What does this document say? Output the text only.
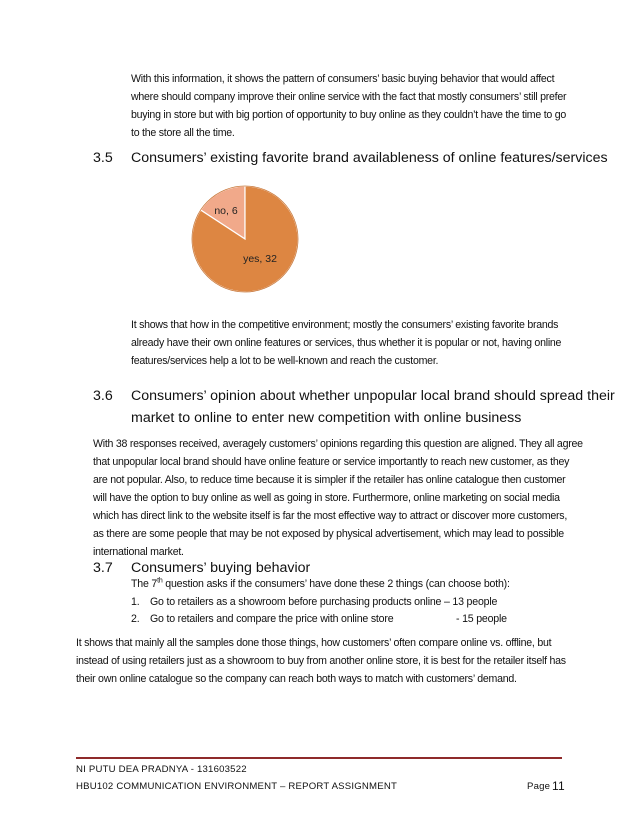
With this information, it shows the pattern of consumers’ basic buying behavior that would affect
where should company improve their online service with the fact that mostly consumers’ still prefer
buying in store but with big portion of opportunity to buy online as they couldn’t have the time to go
to the store all the time.
3.5 Consumers’ existing favorite brand availableness of online features/services
yes, 32
no, 6
It shows that how in the competitive environment; mostly the consumers’ existing favorite brands
already have their own online features or services, thus whether it is popular or not, having online
features/services help a lot to be well-known and reach the customer.
3.6 Consumers’ opinion about whether unpopular local brand should spread their
market to online to enter new competition with online business
With 38 responses received, averagely customers’ opinions regarding this question are aligned. They all agree
that unpopular local brand should have online feature or service importantly to reach new customer, as they
are not popular. Also, to reduce time because it is simpler if the retailer has online catalogue then customer
will have the option to buy online as well as going in store. Furthermore, online marketing on social media
which has direct link to the website itself is far the most effective way to attract or discover more customers,
as there are some people that may be not exposed by physical advertisement, which may lead to possible
international market.
3.7 Consumers’ buying behavior
The 7th question asks if the consumers’ have done these 2 things (can choose both):
1. Go to retailers as a showroom before purchasing products online – 13 people
2. Go to retailers and compare the price with online store	- 15 people
It shows that mainly all the samples done those things, how customers’ often compare online vs. offline, but
instead of using retailers just as a showroom to buy from another online store, it is best for the retailer itself has
their own online catalogue so the company can reach both ways to match with customers’ demand.
NI PUTU DEA PRADNYA - 131603522
HBU102 COMMUNICATION ENVIRONMENT – REPORT ASSIGNMENT	Page 11
